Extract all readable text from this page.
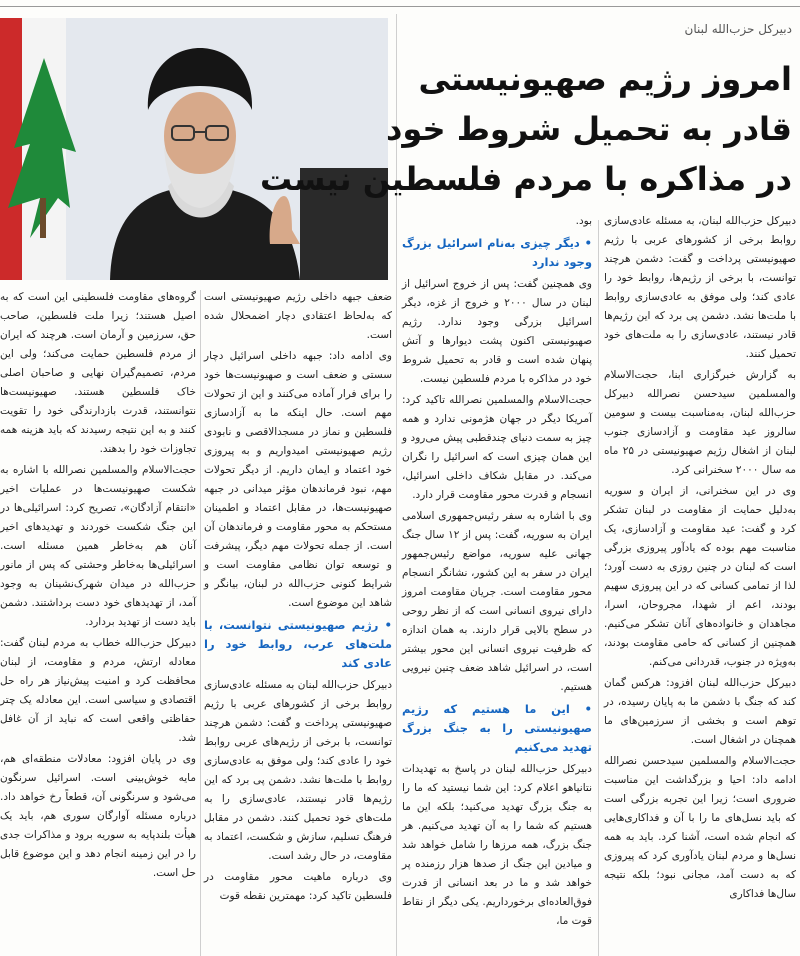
دبیرکل حزب‌الله لبنان
امروز رژیم صهیونیستی
قادر به تحمیل شروط خود
در مذاکره با مردم فلسطین نیست

دبیرکل حزب‌الله لبنان، به مسئله عادی‌سازی روابط برخی از کشورهای عربی با رژیم صهیونیستی پرداخت و گفت: دشمن هرچند توانست، با برخی از رژیم‌ها، روابط خود را عادی کند؛ ولی موفق به عادی‌سازی روابط با ملت‌ها نشد. دشمن پی برد که این رژیم‌ها قادر نیستند، عادی‌سازی را به ملت‌های خود تحمیل کنند.

به گزارش خبرگزاری ابنا، حجت‌الاسلام والمسلمین سیدحسن نصرالله دبیرکل حزب‌الله لبنان، به‌مناسبت بیست و سومین سالروز عید مقاومت و آزادسازی جنوب لبنان از اشغال رژیم صهیونیستی در ۲۵ ماه مه سال ۲۰۰۰ سخنرانی کرد.

وی در این سخنرانی، از ایران و سوریه به‌دلیل حمایت از مقاومت در لبنان تشکر کرد و گفت: عید مقاومت و آزادسازی، یک مناسبت مهم بوده که یادآور پیروزی بزرگی است که لبنان در چنین روزی به دست آورد؛ لذا از تمامی کسانی که در این پیروزی سهیم بودند، اعم از شهدا، مجروحان، اسرا، مجاهدان و خانواده‌های آنان تشکر می‌کنیم. همچنین از کسانی که حامی مقاومت بودند، به‌ویژه در جنوب، قدردانی می‌کنم.

دبیرکل حزب‌الله لبنان افزود: هرکس گمان کند که جنگ با دشمن ما به پایان رسیده، در توهم است و بخشی از سرزمین‌های ما همچنان در اشغال است.

حجت‌الاسلام والمسلمین سیدحسن نصرالله ادامه داد: احیا و بزرگداشت این مناسبت ضروری است؛ زیرا این تجربه بزرگی است که باید نسل‌های ما را با آن و فداکاری‌هایی که انجام شده است، آشنا کرد. باید به همه نسل‌ها و مردم لبنان یادآوری کرد که پیروزی که به دست آمد، مجانی نبود؛ بلکه نتیجه سال‌ها فداکاری

بود.

• دیگر چیزی به‌نام اسرائیل بزرگ وجود ندارد

وی همچنین گفت: پس از خروج اسرائیل از لبنان در سال ۲۰۰۰ و خروج از غزه، دیگر اسرائیل بزرگی وجود ندارد. رژیم صهیونیستی اکنون پشت دیوارها و آتش پنهان شده است و قادر به تحمیل شروط خود در مذاکره با مردم فلسطین نیست.

حجت‌الاسلام والمسلمین نصرالله تاکید کرد: آمریکا دیگر در جهان هژمونی ندارد و همه چیز به سمت دنیای چندقطبی پیش می‌رود و این همان چیزی است که اسرائیل را نگران می‌کند. در مقابل شکاف داخلی اسرائیل، انسجام و قدرت محور مقاومت قرار دارد.

وی با اشاره به سفر رئیس‌جمهوری اسلامی ایران به سوریه، گفت: پس از ۱۲ سال جنگ جهانی علیه سوریه، مواضع رئیس‌جمهور ایران در سفر به این کشور، نشانگر انسجام محور مقاومت است. جریان مقاومت امروز دارای نیروی انسانی است که از نظر روحی در سطح بالایی قرار دارند. به همان اندازه که ظرفیت نیروی انسانی این محور بیشتر است، در اسرائیل شاهد ضعف چنین نیرویی هستیم.

• این ما هستیم که رژیم صهیونیستی را به جنگ بزرگ تهدید می‌کنیم

دبیرکل حزب‌الله لبنان در پاسخ به تهدیدات نتانیاهو اعلام کرد: این شما نیستید که ما را به جنگ بزرگ تهدید می‌کنید؛ بلکه این ما هستیم که شما را به آن تهدید می‌کنیم. هر جنگ بزرگ، همه مرزها را شامل خواهد شد و میادین این جنگ از صدها هزار رزمنده پر خواهد شد و ما در بعد انسانی از قدرت فوق‌العاده‌ای برخورداریم. یکی دیگر از نقاط قوت ما،

ضعف جبهه داخلی رژیم صهیونیستی است که به‌لحاظ اعتقادی دچار اضمحلال شده است.

وی ادامه داد: جبهه داخلی اسرائیل دچار سستی و ضعف است و صهیونیست‌ها خود را برای فرار آماده می‌کنند و این از تحولات مهم است. حال اینکه ما به آزادسازی فلسطین و نماز در مسجدالاقصی و نابودی رژیم صهیونیستی امیدواریم و به پیروزی خود اعتماد و ایمان داریم. از دیگر تحولات مهم، نبود فرماندهان مؤثر میدانی در جبهه صهیونیست‌ها، در مقابل اعتماد و اطمینان مستحکم به محور مقاومت و فرماندهان آن است. از جمله تحولات مهم دیگر، پیشرفت و توسعه توان نظامی مقاومت است و شرایط کنونی حزب‌الله در لبنان، بیانگر و شاهد این موضوع است.

• رژیم صهیونیستی نتوانست، با ملت‌های عرب، روابط خود را عادی کند

دبیرکل حزب‌الله لبنان به مسئله عادی‌سازی روابط برخی از کشورهای عربی با رژیم صهیونیستی پرداخت و گفت: دشمن هرچند توانست، با برخی از رژیم‌های عربی روابط خود را عادی کند؛ ولی موفق به عادی‌سازی روابط با ملت‌ها نشد. دشمن پی برد که این رژیم‌ها قادر نیستند، عادی‌سازی را به ملت‌های خود تحمیل کنند. دشمن در مقابل فرهنگ تسلیم، سازش و شکست، اعتماد به مقاومت، در حال رشد است.

وی درباره ماهیت محور مقاومت در فلسطین تاکید کرد: مهمترین نقطه قوت

گروه‌های مقاومت فلسطینی این است که به اصیل هستند؛ زیرا ملت فلسطین، صاحب حق، سرزمین و آرمان است. هرچند که ایران از مردم فلسطین حمایت می‌کند؛ ولی این مردم، تصمیم‌گیران نهایی و صاحبان اصلی خاک فلسطین هستند. صهیونیست‌ها نتوانستند، قدرت بازدارندگی خود را تقویت کنند و به این نتیجه رسیدند که باید هزینه همه تجاوزات خود را بدهند.

حجت‌الاسلام والمسلمین نصرالله با اشاره به شکست صهیونیست‌ها در عملیات اخیر «انتقام آزادگان»، تصریح کرد: اسرائیلی‌ها در این جنگ شکست خوردند و تهدیدهای اخیر آنان هم به‌خاطر همین مسئله است. اسرائیلی‌ها به‌خاطر وحشتی که پس از مانور حزب‌الله در میدان شهرک‌نشینان به وجود آمد، از تهدیدهای خود دست برداشتند. دشمن باید دست از تهدید بردارد.

دبیرکل حزب‌الله خطاب به مردم لبنان گفت: معادله ارتش، مردم و مقاومت، از لبنان محافظت کرد و امنیت پیش‌نیاز هر راه حل اقتصادی و سیاسی است. این معادله یک چتر حفاظتی واقعی است که نباید از آن غافل شد.

وی در پایان افزود: معادلات منطقه‌ای هم، مایه خوش‌بینی است. اسرائیل سرنگون می‌شود و سرنگونی آن، قطعاً رخ خواهد داد. درباره مسئله آوارگان سوری هم، باید یک هیأت بلندپایه به سوریه برود و مذاکرات جدی را در این زمینه انجام دهد و این موضوع قابل حل است.
